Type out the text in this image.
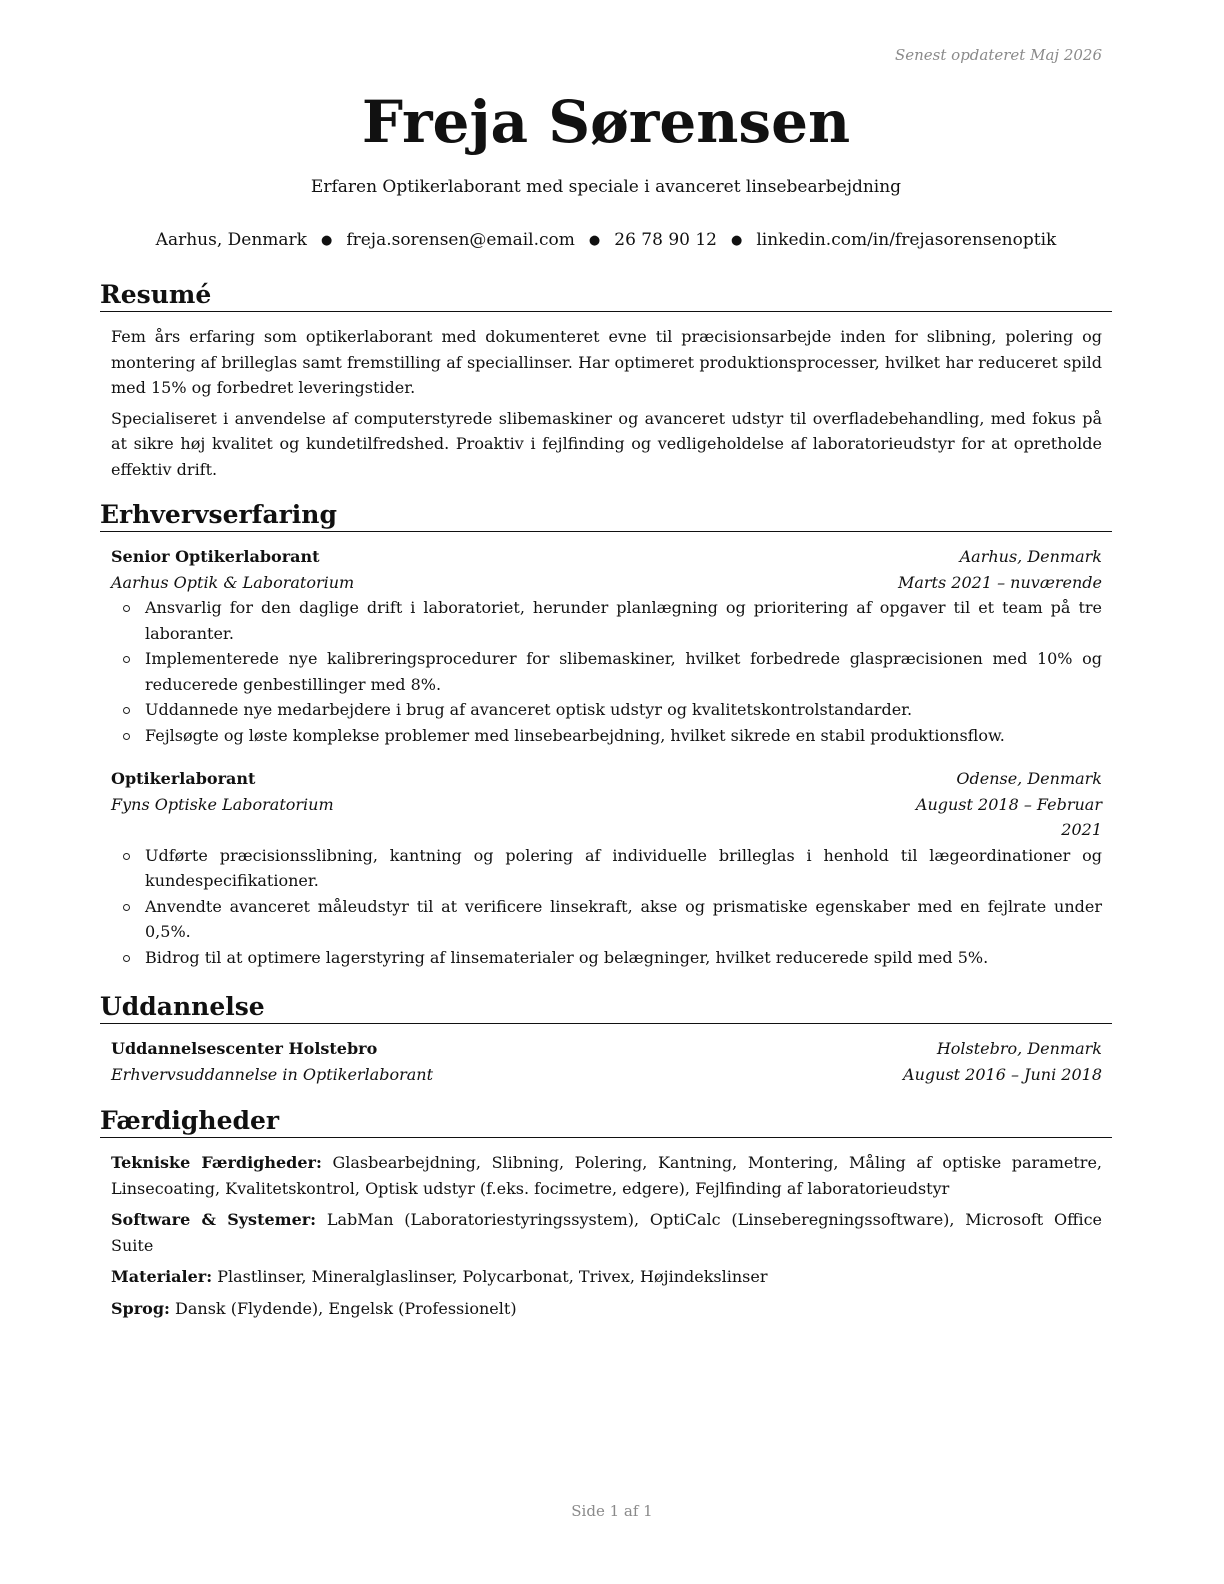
Senest opdateret Maj 2026
Freja Sørensen
Erfaren Optikerlaborant med speciale i avanceret linsebearbejdning
Aarhus, Denmark ● freja.sorensen@email.com ● 26 78 90 12 ● linkedin.com/in/frejasorensenoptik
Resumé

Fem års erfaring som optikerlaborant med dokumenteret evne til præcisionsarbejde inden for slibning, polering og montering af brilleglas samt fremstilling af speciallinser. Har optimeret produktionsprocesser, hvilket har reduceret spild med 15% og forbedret leveringstider.

Specialiseret i anvendelse af computerstyrede slibemaskiner og avanceret udstyr til overfladebehandling, med fokus på at sikre høj kvalitet og kundetilfredshed. Proaktiv i fejlfinding og vedligeholdelse af laboratorieudstyr for at opretholde effektiv drift.

Erhvervserfaring
Senior Optikerlaborant	Aarhus, Denmark
Aarhus Optik & Laboratorium	Marts 2021 – nuværende
Ansvarlig for den daglige drift i laboratoriet, herunder planlægning og prioritering af opgaver til et team på tre laboranter.
Implementerede nye kalibreringsprocedurer for slibemaskiner, hvilket forbedrede glaspræcisionen med 10% og reducerede genbestillinger med 8%.
Uddannede nye medarbejdere i brug af avanceret optisk udstyr og kvalitetskontrolstandarder.
Fejlsøgte og løste komplekse problemer med linsebearbejdning, hvilket sikrede en stabil produktionsflow.
Optikerlaborant	Odense, Denmark
Fyns Optiske Laboratorium	August 2018 – Februar
2021
Udførte præcisionsslibning, kantning og polering af individuelle brilleglas i henhold til lægeordinationer og kundespecifikationer.
Anvendte avanceret måleudstyr til at verificere linsekraft, akse og prismatiske egenskaber med en fejlrate under 0,5%.
Bidrog til at optimere lagerstyring af linsematerialer og belægninger, hvilket reducerede spild med 5%.
Uddannelse
Uddannelsescenter Holstebro	Holstebro, Denmark
Erhvervsuddannelse in Optikerlaborant	August 2016 – Juni 2018
Færdigheder
Tekniske Færdigheder: Glasbearbejdning, Slibning, Polering, Kantning, Montering, Måling af optiske parametre, Linsecoating, Kvalitetskontrol, Optisk udstyr (f.eks. focimetre, edgere), Fejlfinding af laboratorieudstyr
Software & Systemer: LabMan (Laboratoriestyringssystem), OptiCalc (Linseberegningssoftware), Microsoft Office Suite
Materialer: Plastlinser, Mineralglaslinser, Polycarbonat, Trivex, Højindekslinser
Sprog: Dansk (Flydende), Engelsk (Professionelt)
Side 1 af 1
